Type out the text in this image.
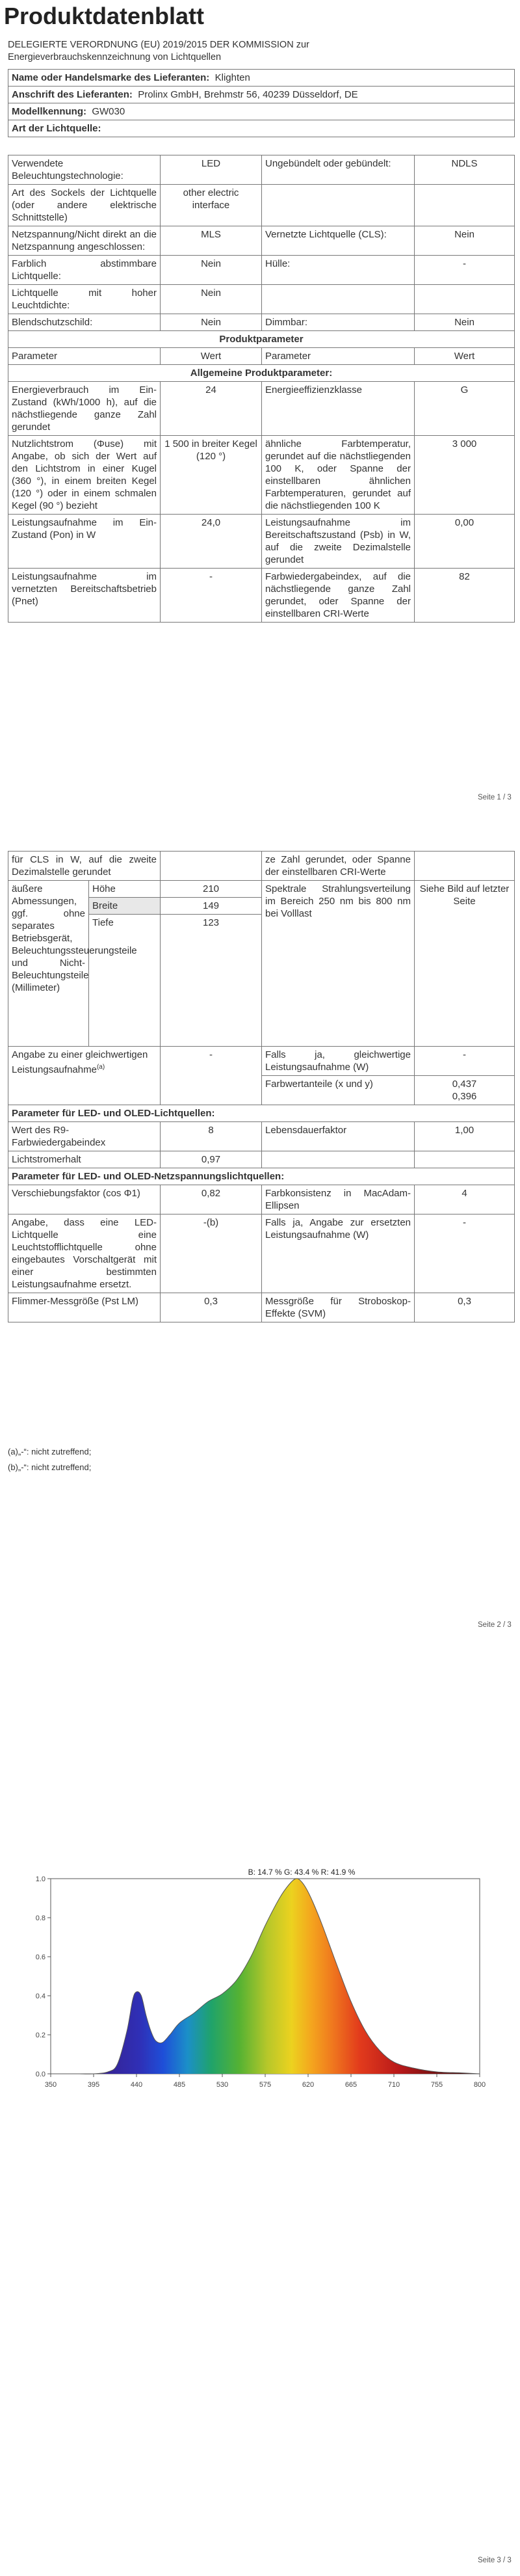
Produktdatenblatt
DELEGIERTE VERORDNUNG (EU) 2019/2015 DER KOMMISSION zur Energieverbrauchskennzeichnung von Lichtquellen
Name oder Handelsmarke des Lieferanten: Klighten
Anschrift des Lieferanten: Prolinx GmbH, Brehmstr 56, 40239 Düsseldorf, DE
Modellkennung: GW030
Art der Lichtquelle:
Verwendete Beleuchtungstechnologie:	LED	Ungebündelt oder gebündelt:	NDLS
Art des Sockels der Lichtquelle (oder andere elektrische Schnittstelle)	other electric interface		
Netzspannung/Nicht direkt an die Netzspannung angeschlossen:	MLS	Vernetzte Lichtquelle (CLS):	Nein
Farblich abstimmbare Lichtquelle:	Nein	Hülle:	-
Lichtquelle mit hoher Leuchtdichte:	Nein		
Blendschutzschild:	Nein	Dimmbar:	Nein
Produktparameter			
Parameter	Wert	Parameter	Wert
Allgemeine Produktparameter:			
Energieverbrauch im Ein-Zustand (kWh/1000 h), auf die nächstliegende ganze Zahl gerundet	24	Energieeffizienzklasse	G
Nutzlichtstrom (Φuse) mit Angabe, ob sich der Wert auf den Lichtstrom in einer Kugel (360 °), in einem breiten Kegel (120 °) oder in einem schmalen Kegel (90 °) bezieht	1 500 in breiter Kegel (120 °)	ähnliche Farbtemperatur, gerundet auf die nächstliegenden 100 K, oder Spanne der einstellbaren ähnlichen Farbtemperaturen, gerundet auf die nächstliegenden 100 K	3 000
Leistungsaufnahme im Ein-Zustand (Pon) in W	24,0	Leistungsaufnahme im Bereitschaftszustand (Psb) in W, auf die zweite Dezimalstelle gerundet	0,00
Leistungsaufnahme im vernetzten Bereitschaftsbetrieb (Pnet)	-	Farbwiedergabeindex, auf die nächstliegende ganze Zahl gerundet, oder Spanne der einstellbaren CRI-Werte	82
Seite 1 / 3
für CLS in W, auf die zweite Dezimalstelle gerundet			ze Zahl gerundet, oder Spanne der einstellbaren CRI-Werte	
äußere Abmessungen, ggf. ohne separates Betriebsgerät, Beleuchtungssteuerungsteile und Nicht-Beleuchtungsteile (Millimeter)	Höhe	210	Spektrale Strahlungsverteilung im Bereich 250 nm bis 800 nm bei Volllast	Siehe Bild auf letzter Seite
	Breite	149		
	Tiefe	123		
Angabe zu einer gleichwertigen Leistungsaufnahme$^{(a)}$		-	Falls ja, gleichwertige Leistungsaufnahme (W)	-
			Farbwertanteile (x und y)	0,437
0,396

Parameter für LED- und OLED-Lichtquellen:				
Wert des R9-Farbwiedergabeindex		8	Lebensdauerfaktor	1,00
Lichtstromerhalt		0,97		
Parameter für LED- und OLED-Netzspannungslichtquellen:				
Verschiebungsfaktor (cos Φ1)		0,82	Farbkonsistenz in MacAdam-Ellipsen	4
Angabe, dass eine LED-Lichtquelle eine Leuchtstofflichtquelle ohne eingebautes Vorschaltgerät mit einer bestimmten Leistungsaufnahme ersetzt.		-(b)	Falls ja, Angabe zur ersetzten Leistungsaufnahme (W)	-
Flimmer-Messgröße (Pst LM)		0,3	Messgröße für Stroboskop-Effekte (SVM)	0,3
(a)„-“: nicht zutreffend;
(b)„-“: nicht zutreffend;
Seite 2 / 3
350	395	440	485	530	575	620	665	710	755	800
0.0
0.2
0.4
0.6
0.8
1.0
B: 14.7 % G: 43.4 % R: 41.9 %
Seite 3 / 3
